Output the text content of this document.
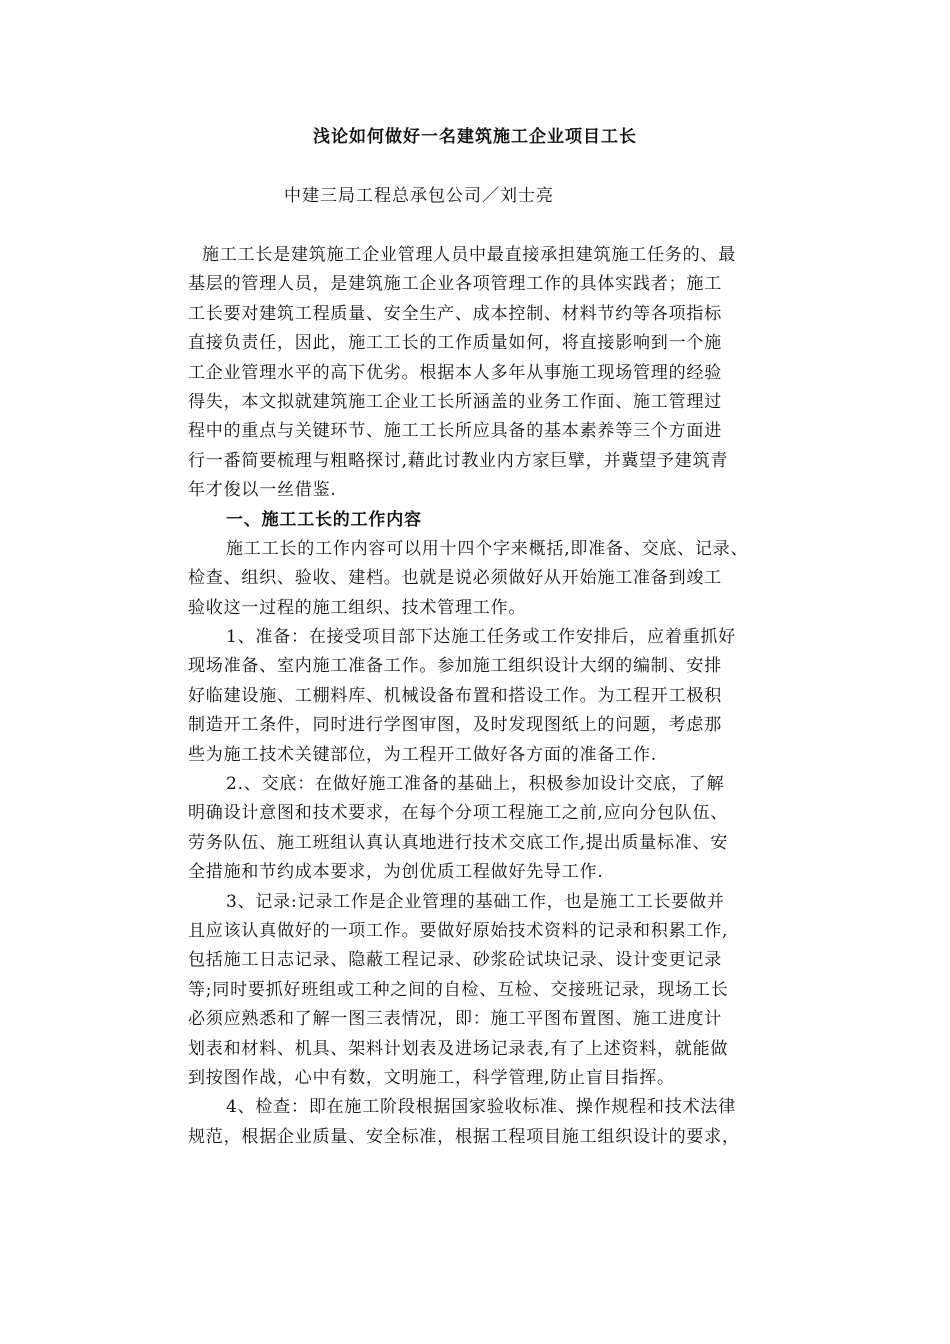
浅论如何做好一名建筑施工企业项目工长
中建三局工程总承包公司／刘士亮
施工工长是建筑施工企业管理人员中最直接承担建筑施工任务的、最
基层的管理人员，是建筑施工企业各项管理工作的具体实践者；施工
工长要对建筑工程质量、安全生产、成本控制、材料节约等各项指标
直接负责任，因此，施工工长的工作质量如何，将直接影响到一个施
工企业管理水平的高下优劣。根据本人多年从事施工现场管理的经验
得失，本文拟就建筑施工企业工长所涵盖的业务工作面、施工管理过
程中的重点与关键环节、施工工长所应具备的基本素养等三个方面进
行一番简要梳理与粗略探讨,藉此讨教业内方家巨擘，并冀望予建筑青
年才俊以一丝借鉴.
一、施工工长的工作内容
施工工长的工作内容可以用十四个字来概括,即准备、交底、记录、
检查、组织、验收、建档。也就是说必须做好从开始施工准备到竣工
验收这一过程的施工组织、技术管理工作。
1、准备：在接受项目部下达施工任务或工作安排后，应着重抓好
现场准备、室内施工准备工作。参加施工组织设计大纲的编制、安排
好临建设施、工棚料库、机械设备布置和搭设工作。为工程开工极积
制造开工条件，同时进行学图审图，及时发现图纸上的问题，考虑那
些为施工技术关键部位，为工程开工做好各方面的准备工作.
2.、交底：在做好施工准备的基础上，积极参加设计交底，了解
明确设计意图和技术要求，在每个分项工程施工之前,应向分包队伍、
劳务队伍、施工班组认真认真地进行技术交底工作,提出质量标准、安
全措施和节约成本要求，为创优质工程做好先导工作.
3、记录:记录工作是企业管理的基础工作，也是施工工长要做并
且应该认真做好的一项工作。要做好原始技术资料的记录和积累工作,
包括施工日志记录、隐蔽工程记录、砂浆砼试块记录、设计变更记录
等;同时要抓好班组或工种之间的自检、互检、交接班记录，现场工长
必须应熟悉和了解一图三表情况，即：施工平图布置图、施工进度计
划表和材料、机具、架料计划表及进场记录表,有了上述资料，就能做
到按图作战，心中有数，文明施工，科学管理,防止盲目指挥。
4、检查：即在施工阶段根据国家验收标准、操作规程和技术法律
规范，根据企业质量、安全标准，根据工程项目施工组织设计的要求，
